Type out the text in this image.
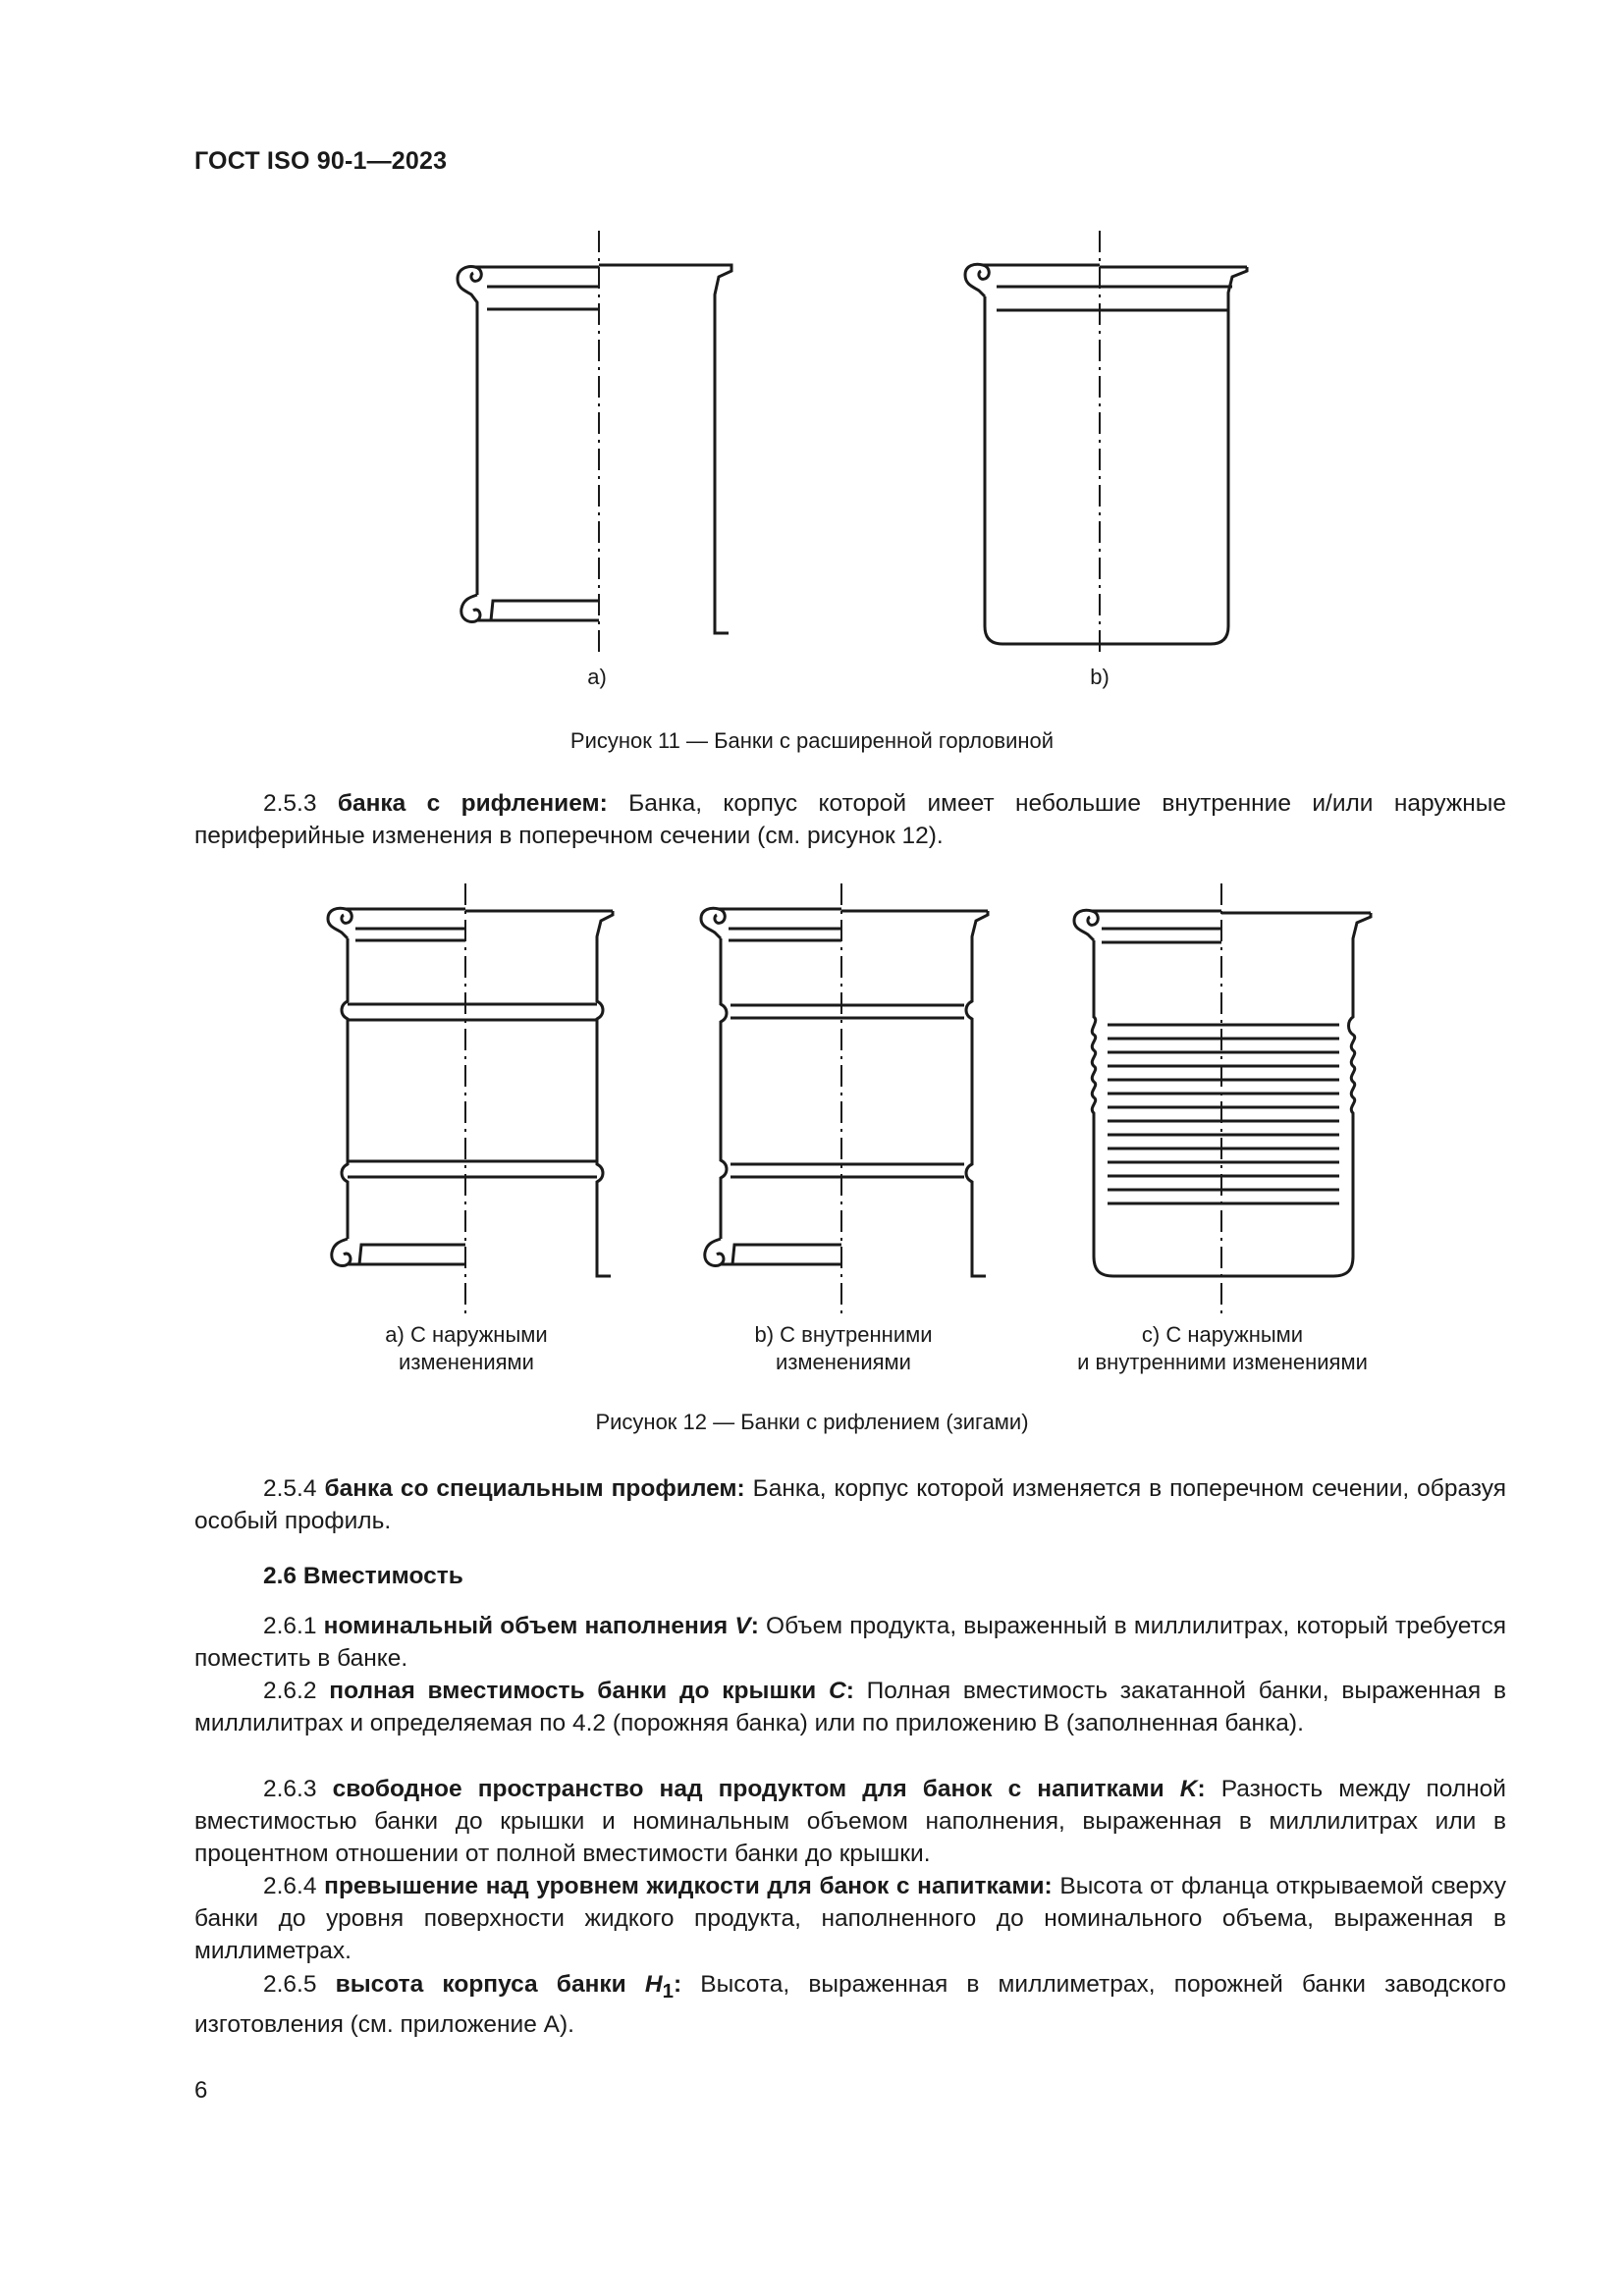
ГОСТ ISO 90-1—2023
a)	b)
Рисунок 11 — Банки с расширенной горловиной

2.5.3 банка с рифлением: Банка, корпус которой имеет небольшие внутренние и/или наружные периферийные изменения в поперечном сечении (см. рисунок 12).

a) С наружными
изменениями
b) С внутренними
изменениями
c) С наружными
и внутренними изменениями
Рисунок 12 — Банки с рифлением (зигами)

2.5.4 банка со специальным профилем: Банка, корпус которой изменяется в поперечном сечении, образуя особый профиль.

2.6 Вместимость

2.6.1 номинальный объем наполнения V: Объем продукта, выраженный в миллилитрах, который требуется поместить в банке.

2.6.2 полная вместимость банки до крышки C: Полная вместимость закатанной банки, выраженная в миллилитрах и определяемая по 4.2 (порожняя банка) или по приложению В (заполненная банка).

2.6.3 свободное пространство над продуктом для банок с напитками K: Разность между полной вместимостью банки до крышки и номинальным объемом наполнения, выраженная в миллилитрах или в процентном отношении от полной вместимости банки до крышки.

2.6.4 превышение над уровнем жидкости для банок с напитками: Высота от фланца открываемой сверху банки до уровня поверхности жидкого продукта, наполненного до номинального объема, выраженная в миллиметрах.

2.6.5 высота корпуса банки $H_1$: Высота, выраженная в миллиметрах, порожней банки заводского изготовления (см. приложение А).

6
